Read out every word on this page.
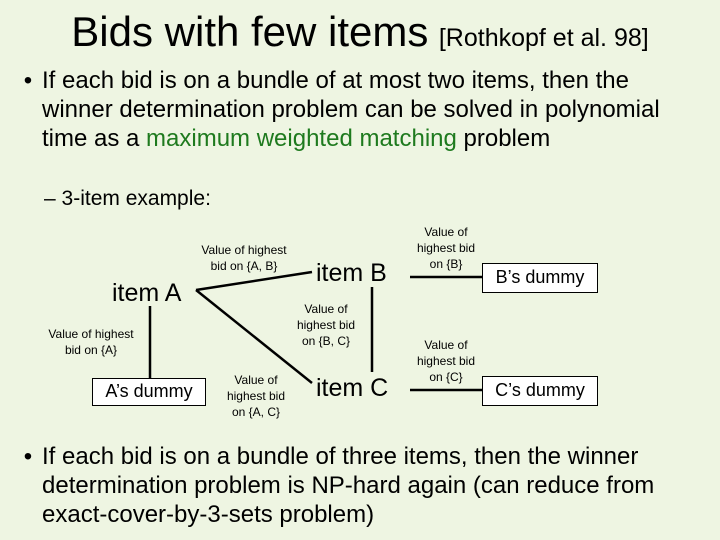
Bids with few items [Rothkopf et al. 98]
• If each bid is on a bundle of at most two items, then the winner determination problem can be solved in polynomial time as a maximum weighted matching problem
– 3-item example:
item A
item B
item C
A’s dummy
B’s dummy
C’s dummy
Value of highest
bid on {A, B}
Value of highest
bid on {A}
Value of
highest bid
on {A, C}
Value of
highest bid
on {B, C}
Value of
highest bid
on {B}
Value of
highest bid
on {C}
• If each bid is on a bundle of three items, then the winner determination problem is NP-hard again (can reduce from exact-cover-by-3-sets problem)
